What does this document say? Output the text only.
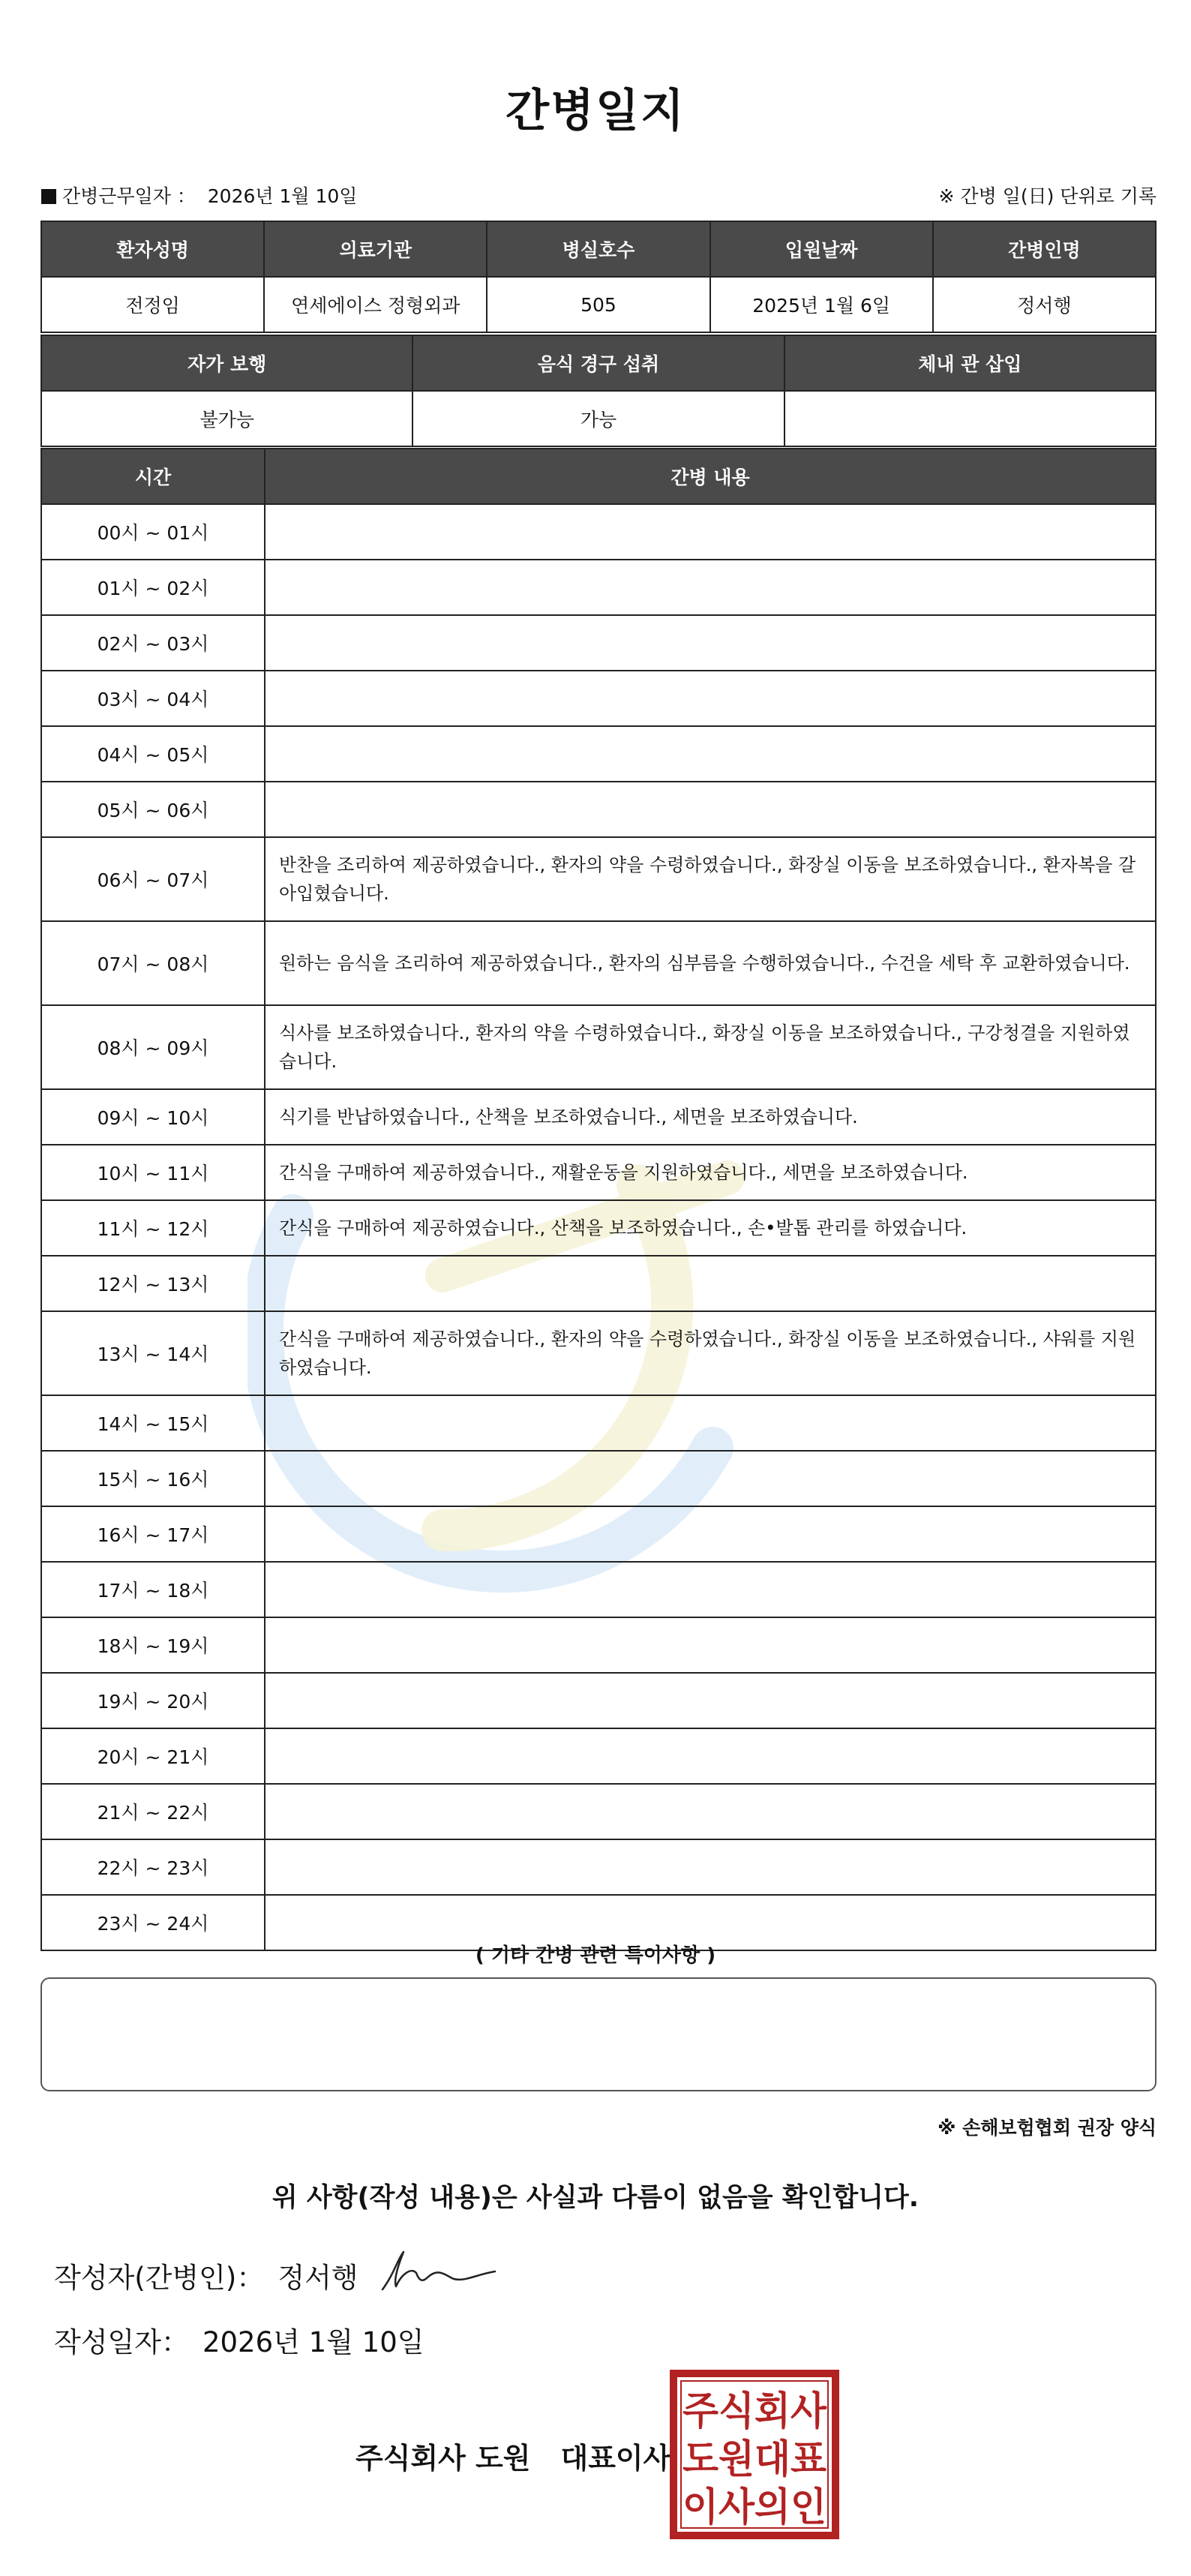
간병일지
간병근무일자 ： 2026년 1월 10일	※ 간병 일(日) 단위로 기록
환자성명	의료기관	병실호수	입원날짜	간병인명
전정임	연세에이스 정형외과	505	2025년 1월 6일	정서행
자가 보행	음식 경구 섭취	체내 관 삽입
불가능	가능	
시간	간병 내용
00시 ~ 01시	
01시 ~ 02시	
02시 ~ 03시	
03시 ~ 04시	
04시 ~ 05시	
05시 ~ 06시	
06시 ~ 07시	반찬을 조리하여 제공하였습니다., 환자의 약을 수령하였습니다., 화장실 이동을 보조하였습니다., 환자복을 갈아입혔습니다.
07시 ~ 08시	원하는 음식을 조리하여 제공하였습니다., 환자의 심부름을 수행하였습니다., 수건을 세탁 후 교환하였습니다.
08시 ~ 09시	식사를 보조하였습니다., 환자의 약을 수령하였습니다., 화장실 이동을 보조하였습니다., 구강청결을 지원하였습니다.
09시 ~ 10시	식기를 반납하였습니다., 산책을 보조하였습니다., 세면을 보조하였습니다.
10시 ~ 11시	간식을 구매하여 제공하였습니다., 재활운동을 지원하였습니다., 세면을 보조하였습니다.
11시 ~ 12시	간식을 구매하여 제공하였습니다., 산책을 보조하였습니다., 손•발톱 관리를 하였습니다.
12시 ~ 13시	
13시 ~ 14시	간식을 구매하여 제공하였습니다., 환자의 약을 수령하였습니다., 화장실 이동을 보조하였습니다., 샤워를 지원하였습니다.
14시 ~ 15시	
15시 ~ 16시	
16시 ~ 17시	
17시 ~ 18시	
18시 ~ 19시	
19시 ~ 20시	
20시 ~ 21시	
21시 ~ 22시	
22시 ~ 23시	
23시 ~ 24시	
( 기타 간병 관련 특이사항 )
※ 손해보험협회 권장 양식
위 사항(작성 내용)은 사실과 다름이 없음을 확인합니다.
작성자(간병인)： 정서행
작성일자： 2026년 1월 10일
주식회사 도원 대표이사
주식회사
도원대표
이사의인
